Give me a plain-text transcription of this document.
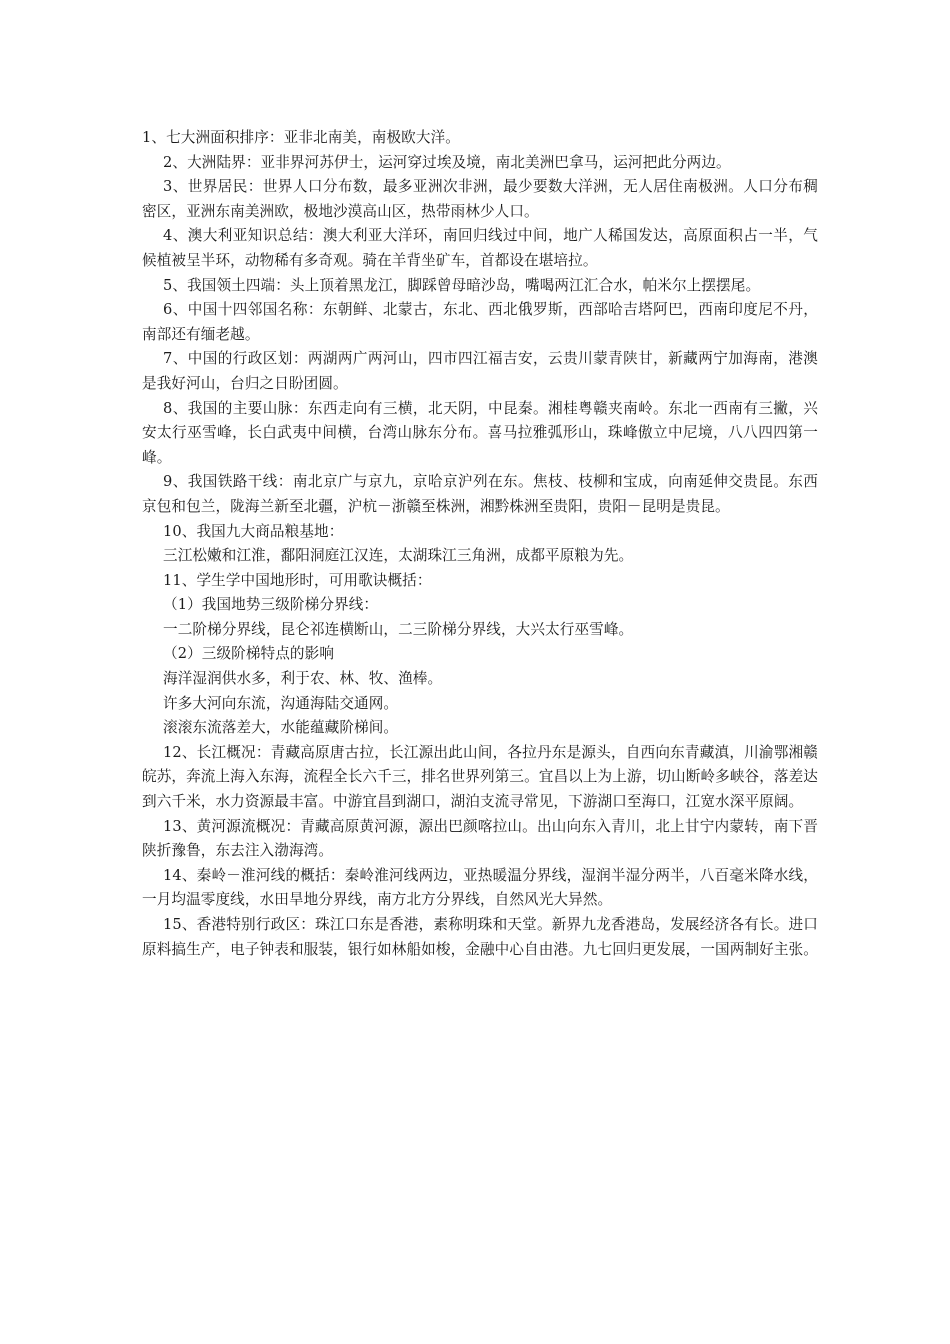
1、七大洲面积排序：亚非北南美，南极欧大洋。

2、大洲陆界：亚非界河苏伊士，运河穿过埃及境，南北美洲巴拿马，运河把此分两边。

3、世界居民：世界人口分布数，最多亚洲次非洲，最少要数大洋洲，无人居住南极洲。人口分布稠密区，亚洲东南美洲欧，极地沙漠高山区，热带雨林少人口。

4、澳大利亚知识总结：澳大利亚大洋环，南回归线过中间，地广人稀国发达，高原面积占一半，气候植被呈半环，动物稀有多奇观。骑在羊背坐矿车，首都设在堪培拉。

5、我国领土四端：头上顶着黑龙江，脚踩曾母暗沙岛，嘴喝两江汇合水，帕米尔上摆摆尾。

6、中国十四邻国名称：东朝鲜、北蒙古，东北、西北俄罗斯，西部哈吉塔阿巴，西南印度尼不丹，南部还有缅老越。

7、中国的行政区划：两湖两广两河山，四市四江福吉安，云贵川蒙青陕甘，新藏两宁加海南，港澳是我好河山，台归之日盼团圆。

8、我国的主要山脉：东西走向有三横，北天阴，中昆秦。湘桂粤赣夹南岭。东北一西南有三撇，兴安太行巫雪峰，长白武夷中间横，台湾山脉东分布。喜马拉雅弧形山，珠峰傲立中尼境，八八四四第一峰。

9、我国铁路干线：南北京广与京九，京哈京沪列在东。焦枝、枝柳和宝成，向南延伸交贵昆。东西京包和包兰，陇海兰新至北疆，沪杭－浙赣至株洲，湘黔株洲至贵阳，贵阳－昆明是贵昆。

10、我国九大商品粮基地：

三江松嫩和江淮，鄱阳洞庭江汉连，太湖珠江三角洲，成都平原粮为先。

11、学生学中国地形时，可用歌诀概括：

（1）我国地势三级阶梯分界线：

一二阶梯分界线，昆仑祁连横断山，二三阶梯分界线，大兴太行巫雪峰。

（2）三级阶梯特点的影响

海洋湿润供水多，利于农、林、牧、渔棒。

许多大河向东流，沟通海陆交通网。

滚滚东流落差大，水能蕴藏阶梯间。

12、长江概况：青藏高原唐古拉，长江源出此山间，各拉丹东是源头，自西向东青藏滇，川渝鄂湘赣皖苏，奔流上海入东海，流程全长六千三，排名世界列第三。宜昌以上为上游，切山断岭多峡谷，落差达到六千米，水力资源最丰富。中游宜昌到湖口，湖泊支流寻常见，下游湖口至海口，江宽水深平原阔。

13、黄河源流概况：青藏高原黄河源，源出巴颜喀拉山。出山向东入青川，北上甘宁内蒙转，南下晋陕折豫鲁，东去注入渤海湾。

14、秦岭－淮河线的概括：秦岭淮河线两边，亚热暖温分界线，湿润半湿分两半，八百毫米降水线，一月均温零度线，水田旱地分界线，南方北方分界线，自然风光大异然。

15、香港特别行政区：珠江口东是香港，素称明珠和天堂。新界九龙香港岛，发展经济各有长。进口原料搞生产，电子钟表和服装，银行如林船如梭，金融中心自由港。九七回归更发展，一国两制好主张。
